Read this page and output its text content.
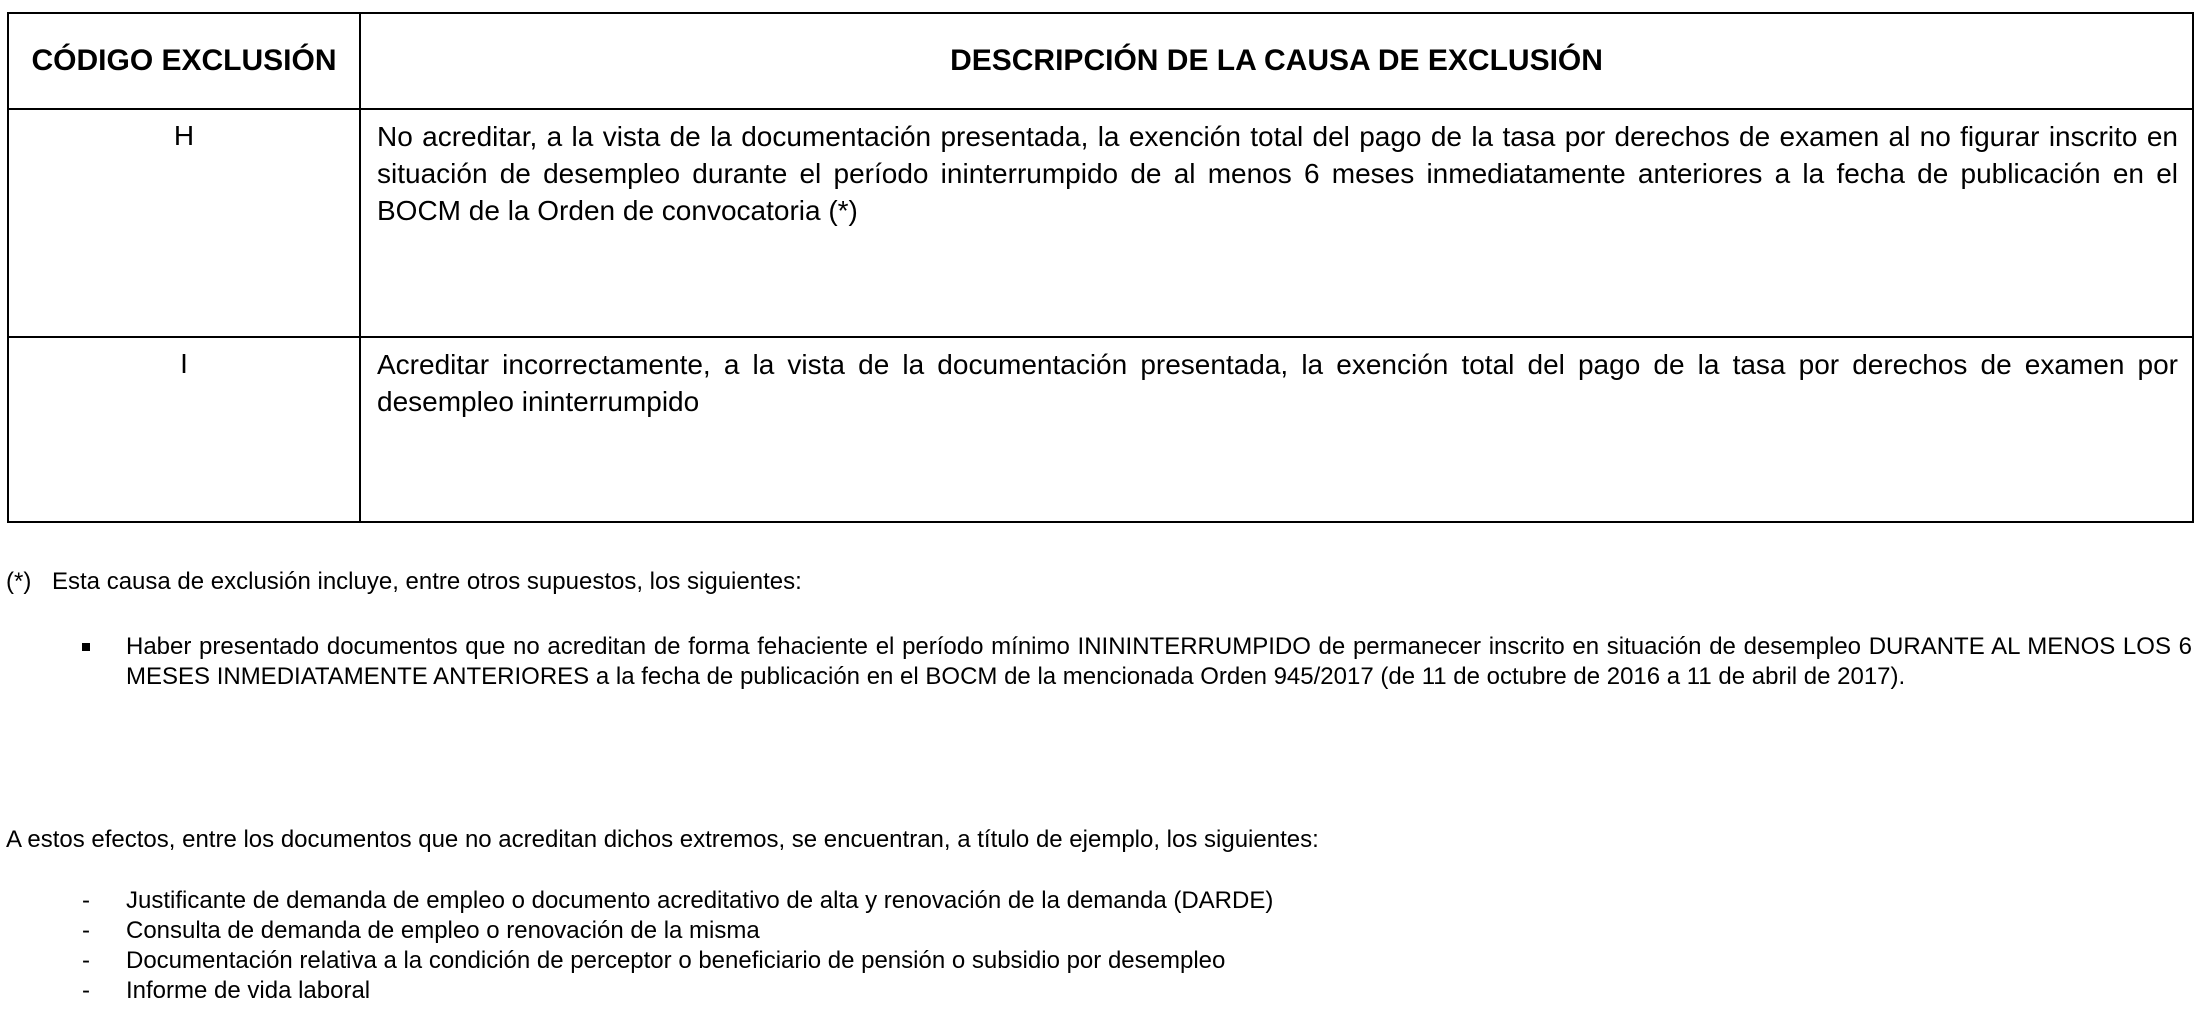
CÓDIGO EXCLUSIÓN	DESCRIPCIÓN DE LA CAUSA DE EXCLUSIÓN
H	No acreditar, a la vista de la documentación presentada, la exención total del pago de la tasa por derechos de examen al no figurar inscrito en situación de desempleo durante el período ininterrumpido de al menos 6 meses inmediatamente anteriores a la fecha de publicación en el BOCM de la Orden de convocatoria (*)
I	Acreditar incorrectamente, a la vista de la documentación presentada, la exención total del pago de la tasa por derechos de examen por desempleo ininterrumpido
(*) Esta causa de exclusión incluye, entre otros supuestos, los siguientes:
Haber presentado documentos que no acreditan de forma fehaciente el período mínimo INININTERRUMPIDO de permanecer inscrito en situación de desempleo DURANTE AL MENOS LOS 6 MESES INMEDIATAMENTE ANTERIORES a la fecha de publicación en el BOCM de la mencionada Orden 945/2017 (de 11 de octubre de 2016 a 11 de abril de 2017).
A estos efectos, entre los documentos que no acreditan dichos extremos, se encuentran, a título de ejemplo, los siguientes:
- Justificante de demanda de empleo o documento acreditativo de alta y renovación de la demanda (DARDE)
- Consulta de demanda de empleo o renovación de la misma
- Documentación relativa a la condición de perceptor o beneficiario de pensión o subsidio por desempleo
- Informe de vida laboral
